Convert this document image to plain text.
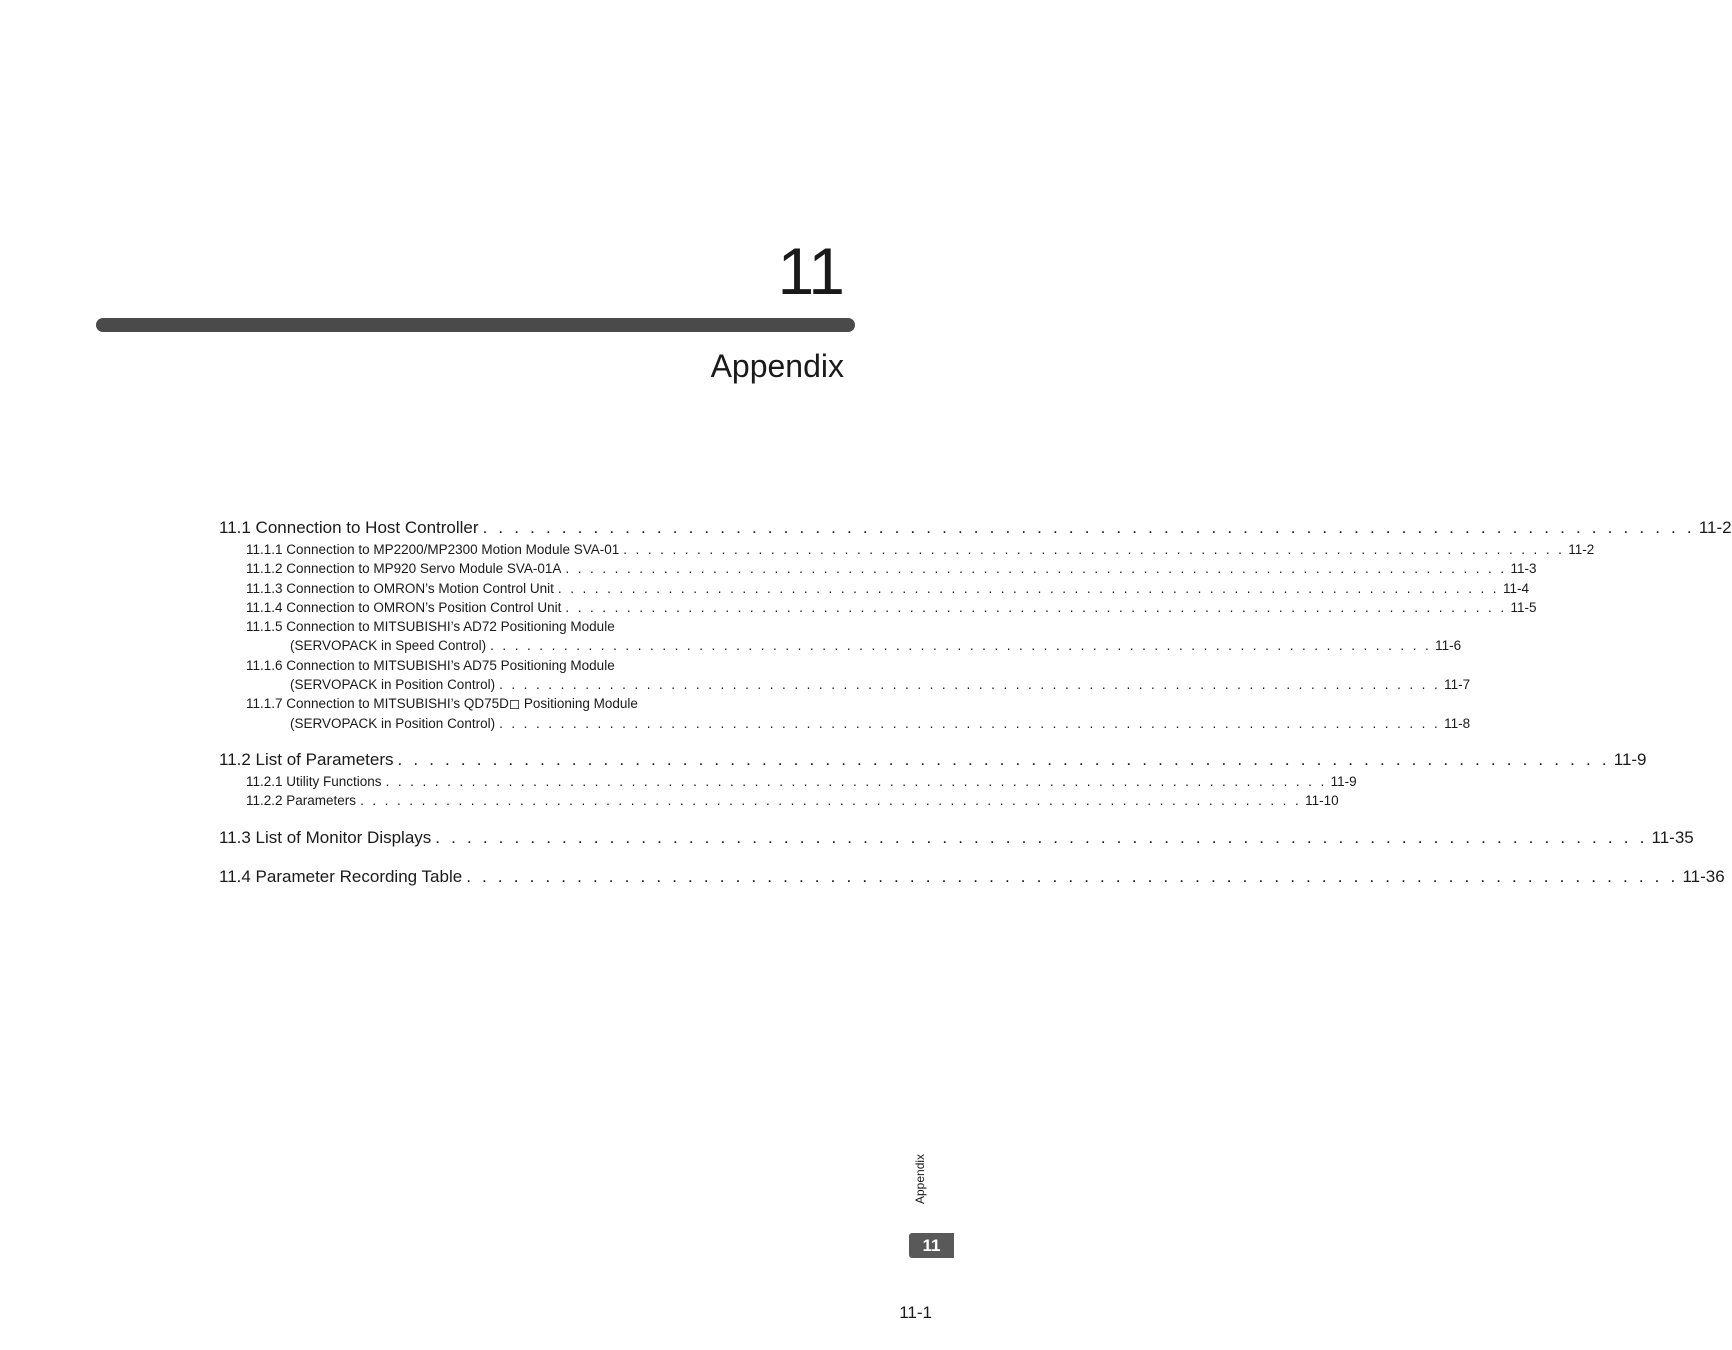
11
Appendix
11.1 Connection to Host Controller . . . . . . . . . . . . . . . . . . . . . . . . . . . . . . . . . . . . . . . . . . . . . . . . . . . . . . . . . . . . . . . . . . . . . . . . . . . . . 11-2
11.1.1 Connection to MP2200/MP2300 Motion Module SVA-01 . . . . . . . . . . . . . . . . . . . . . . . . . . . . . . . . . . . . . . . . . . . . . . . . . . . . . . . . . . . . . . . . . . . . . . . . . . . . . 11-2
11.1.2 Connection to MP920 Servo Module SVA-01A . . . . . . . . . . . . . . . . . . . . . . . . . . . . . . . . . . . . . . . . . . . . . . . . . . . . . . . . . . . . . . . . . . . . . . . . . . . . . 11-3
11.1.3 Connection to OMRON’s Motion Control Unit . . . . . . . . . . . . . . . . . . . . . . . . . . . . . . . . . . . . . . . . . . . . . . . . . . . . . . . . . . . . . . . . . . . . . . . . . . . . . 11-4
11.1.4 Connection to OMRON’s Position Control Unit . . . . . . . . . . . . . . . . . . . . . . . . . . . . . . . . . . . . . . . . . . . . . . . . . . . . . . . . . . . . . . . . . . . . . . . . . . . . . 11-5
11.1.5 Connection to MITSUBISHI’s AD72 Positioning Module
(SERVOPACK in Speed Control) . . . . . . . . . . . . . . . . . . . . . . . . . . . . . . . . . . . . . . . . . . . . . . . . . . . . . . . . . . . . . . . . . . . . . . . . . . . . . 11-6
11.1.6 Connection to MITSUBISHI’s AD75 Positioning Module
(SERVOPACK in Position Control) . . . . . . . . . . . . . . . . . . . . . . . . . . . . . . . . . . . . . . . . . . . . . . . . . . . . . . . . . . . . . . . . . . . . . . . . . . . . . 11-7
11.1.7 Connection to MITSUBISHI’s QD75D◻ Positioning Module
(SERVOPACK in Position Control) . . . . . . . . . . . . . . . . . . . . . . . . . . . . . . . . . . . . . . . . . . . . . . . . . . . . . . . . . . . . . . . . . . . . . . . . . . . . . 11-8
11.2 List of Parameters . . . . . . . . . . . . . . . . . . . . . . . . . . . . . . . . . . . . . . . . . . . . . . . . . . . . . . . . . . . . . . . . . . . . . . . . . . . . . 11-9
11.2.1 Utility Functions . . . . . . . . . . . . . . . . . . . . . . . . . . . . . . . . . . . . . . . . . . . . . . . . . . . . . . . . . . . . . . . . . . . . . . . . . . . . . 11-9
11.2.2 Parameters . . . . . . . . . . . . . . . . . . . . . . . . . . . . . . . . . . . . . . . . . . . . . . . . . . . . . . . . . . . . . . . . . . . . . . . . . . . . . 11-10
11.3 List of Monitor Displays . . . . . . . . . . . . . . . . . . . . . . . . . . . . . . . . . . . . . . . . . . . . . . . . . . . . . . . . . . . . . . . . . . . . . . . . . . . . . 11-35
11.4 Parameter Recording Table . . . . . . . . . . . . . . . . . . . . . . . . . . . . . . . . . . . . . . . . . . . . . . . . . . . . . . . . . . . . . . . . . . . . . . . . . . . . . 11-36
Appendix
11
11-1
